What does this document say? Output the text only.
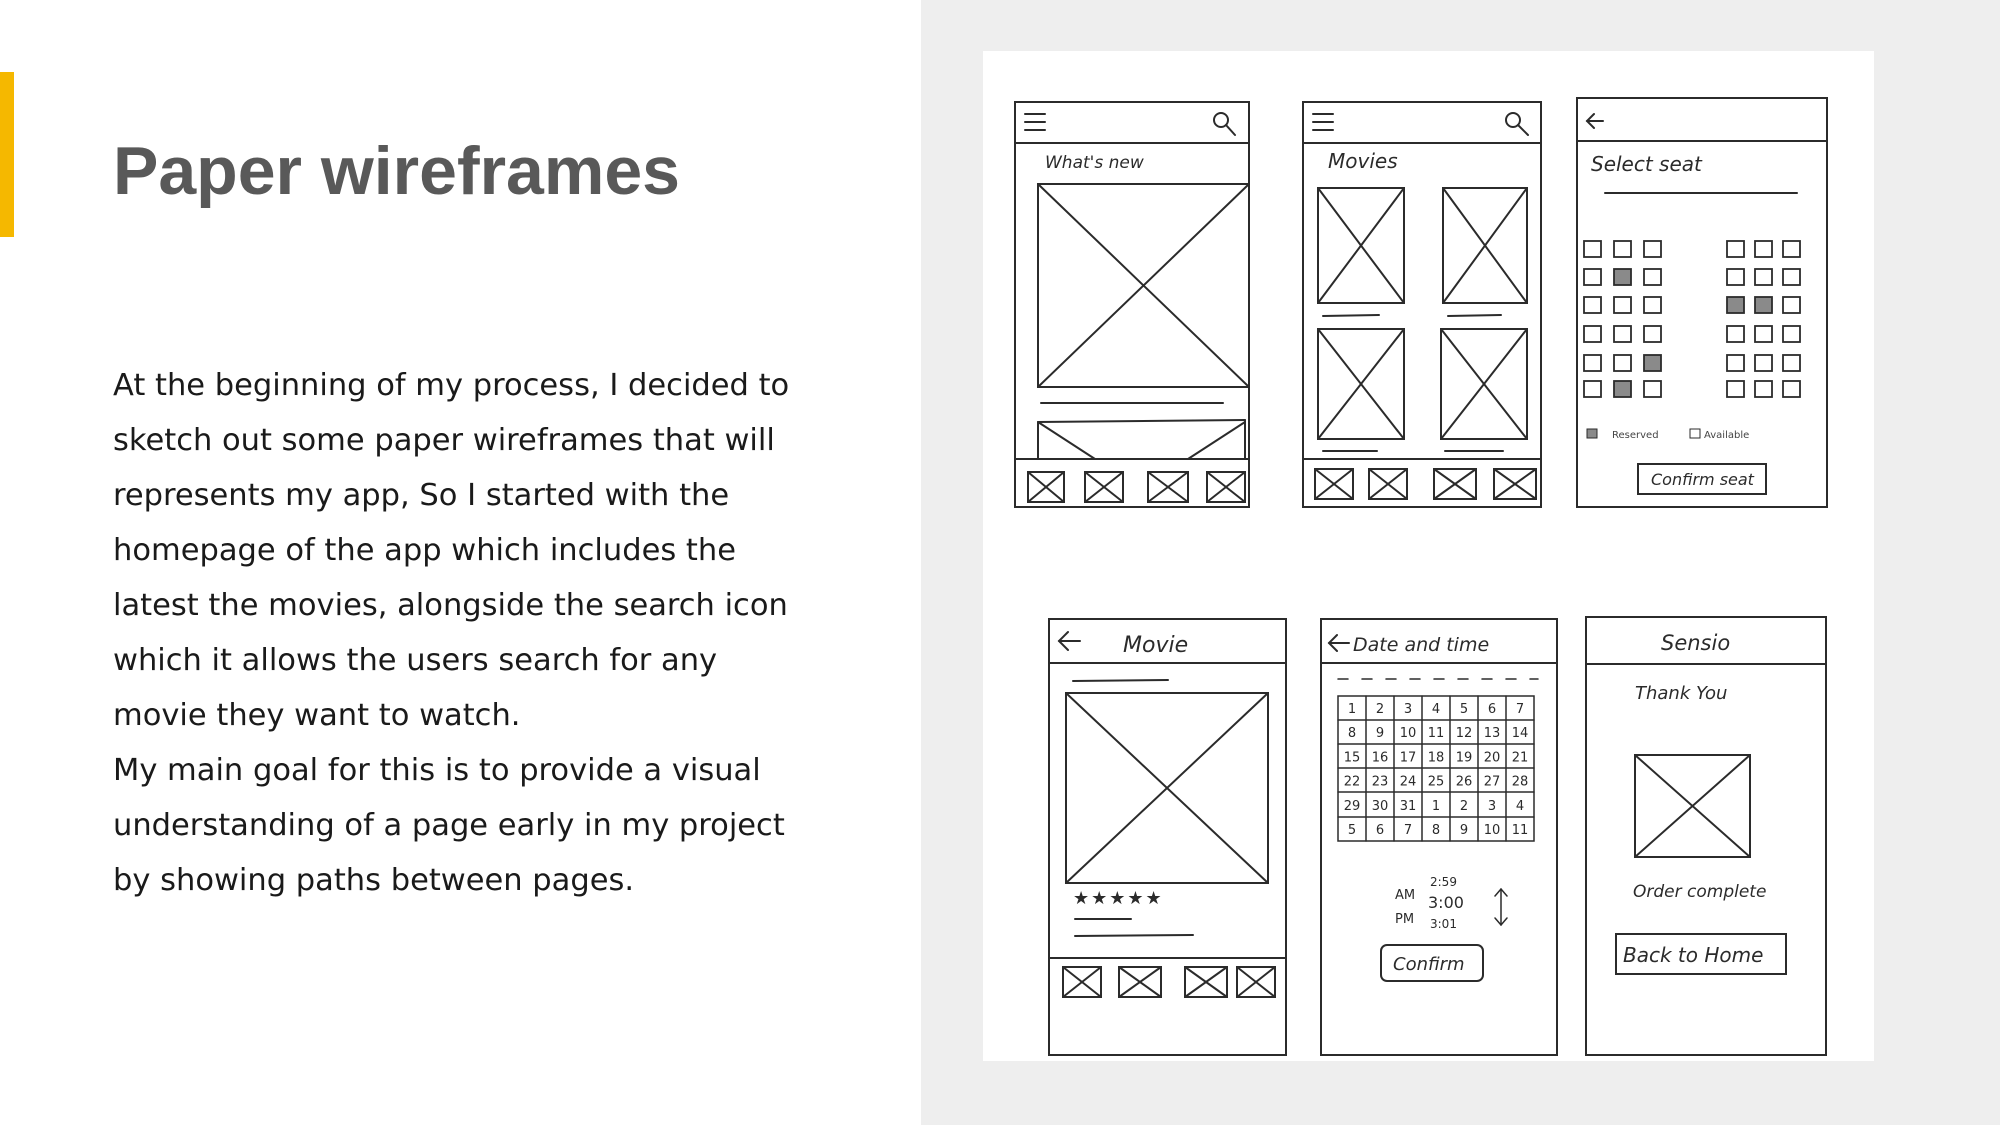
Paper wireframes

At the beginning of my process, I decided to sketch out some paper wireframes that will represents my app, So I started with the homepage of the app which includes the latest the movies, alongside the search icon which it allows the users search for any movie they want to watch.

My main goal for this is to provide a visual understanding of a page early in my project by showing paths between pages.

What's new	Movies	Select seat
Reserved	Available
Confirm seat
Movie
★★★★★
Date and time
1 2 3 4 5 6 7
8 9 10 11 12 13 14
15 16 17 18 19 20 21
22 23 24 25 26 27 28
29 30 31 1 2 3 4
5 6 7 8 9 10 11
AM
PM
2:59
3:00
3:01
Confirm
Sensio
Thank You
Order complete
Back to Home
